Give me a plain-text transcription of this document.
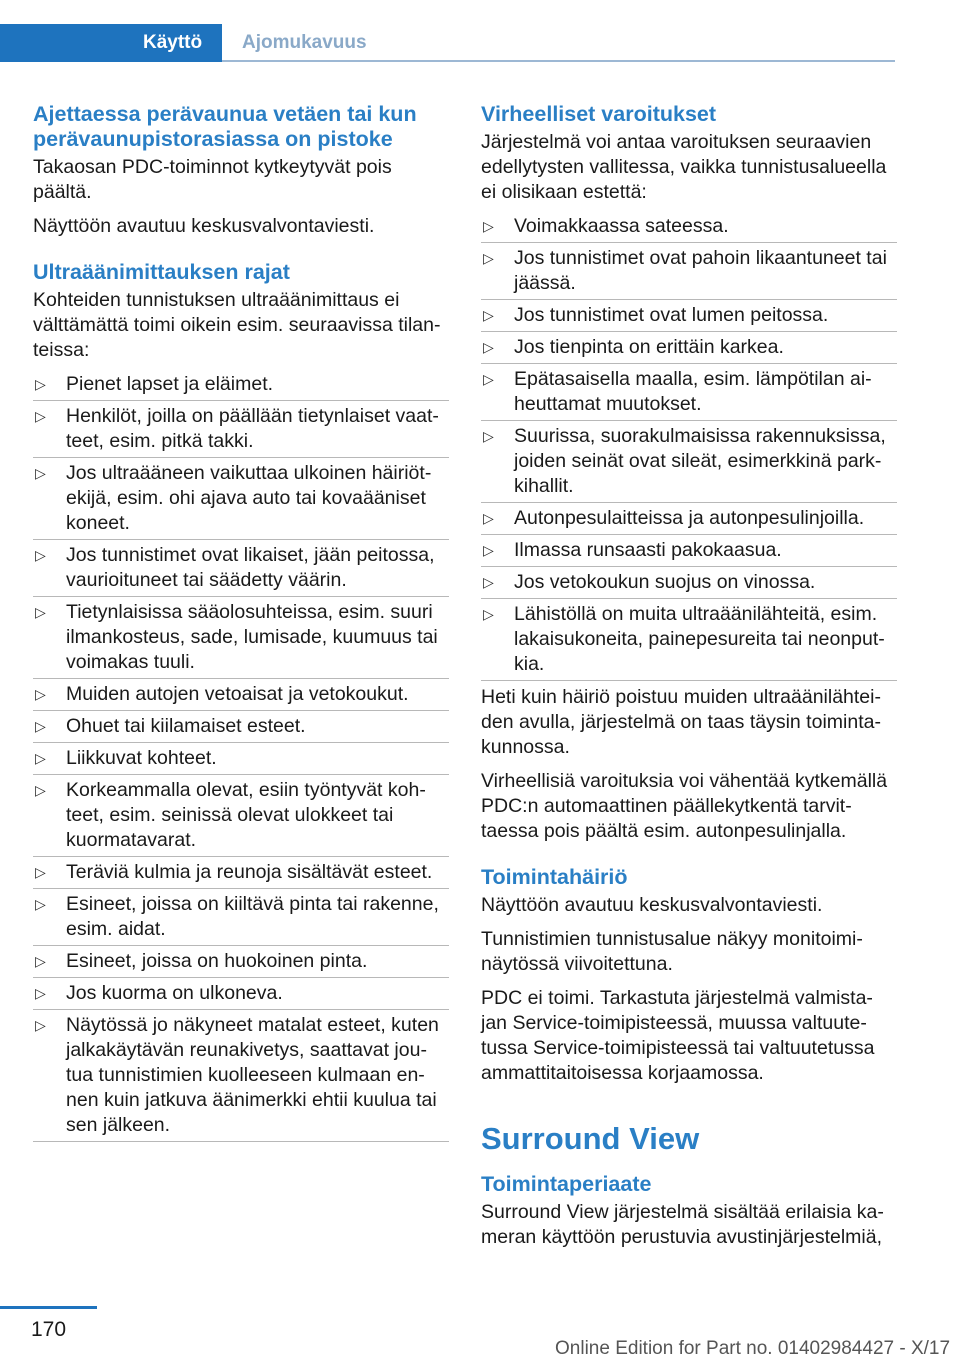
Käyttö	Ajomukavuus
Ajettaessa perävaunua vetäen tai kun perävaunupistorasiassa on pistoke

Takaosan PDC-toiminnot kytkeytyvät pois päältä.

Näyttöön avautuu keskusvalvontaviesti.

Ultraäänimittauksen rajat

Kohteiden tunnistuksen ultraäänimittaus ei välttämättä toimi oikein esim. seuraavissa tilan-teissa:

▷ Pienet lapset ja eläimet.
▷ Henkilöt, joilla on päällään tietynlaiset vaat-teet, esim. pitkä takki.
▷ Jos ultraääneen vaikuttaa ulkoinen häiriöt-ekijä, esim. ohi ajava auto tai kovaääniset koneet.
▷ Jos tunnistimet ovat likaiset, jään peitossa, vaurioituneet tai säädetty väärin.
▷ Tietynlaisissa sääolosuhteissa, esim. suuri ilmankosteus, sade, lumisade, kuumuus tai voimakas tuuli.
▷ Muiden autojen vetoaisat ja vetokoukut.
▷ Ohuet tai kiilamaiset esteet.
▷ Liikkuvat kohteet.
▷ Korkeammalla olevat, esiin työntyvät koh-teet, esim. seinissä olevat ulokkeet tai kuormatavarat.
▷ Teräviä kulmia ja reunoja sisältävät esteet.
▷ Esineet, joissa on kiiltävä pinta tai rakenne, esim. aidat.
▷ Esineet, joissa on huokoinen pinta.
▷ Jos kuorma on ulkoneva.
▷ Näytössä jo näkyneet matalat esteet, kuten jalkakäytävän reunakivetys, saattavat jou-tua tunnistimien kuolleeseen kulmaan en-nen kuin jatkuva äänimerkki ehtii kuulua tai sen jälkeen.
Virheelliset varoitukset

Järjestelmä voi antaa varoituksen seuraavien edellytysten vallitessa, vaikka tunnistusalueella ei olisikaan estettä:

▷ Voimakkaassa sateessa.
▷ Jos tunnistimet ovat pahoin likaantuneet tai jäässä.
▷ Jos tunnistimet ovat lumen peitossa.
▷ Jos tienpinta on erittäin karkea.
▷ Epätasaisella maalla, esim. lämpötilan ai-heuttamat muutokset.
▷ Suurissa, suorakulmaisissa rakennuksissa, joiden seinät ovat sileät, esimerkkinä park-kihallit.
▷ Autonpesulaitteissa ja autonpesulinjoilla.
▷ Ilmassa runsaasti pakokaasua.
▷ Jos vetokoukun suojus on vinossa.
▷ Lähistöllä on muita ultraäänilähteitä, esim. lakaisukoneita, painepesureita tai neonput-kia.

Heti kuin häiriö poistuu muiden ultraäänilähtei-den avulla, järjestelmä on taas täysin toiminta-kunnossa.

Virheellisiä varoituksia voi vähentää kytkemällä PDC:n automaattinen päällekytkentä tarvit-taessa pois päältä esim. autonpesulinjalla.

Toimintahäiriö

Näyttöön avautuu keskusvalvontaviesti.

Tunnistimien tunnistusalue näkyy monitoimi-näytössä viivoitettuna.

PDC ei toimi. Tarkastuta järjestelmä valmista-jan Service-toimipisteessä, muussa valtuute-tussa Service-toimipisteessä tai valtuutetussa ammattitaitoisessa korjaamossa.

Surround View
Toimintaperiaate

Surround View järjestelmä sisältää erilaisia ka-meran käyttöön perustuvia avustinjärjestelmiä,

170
Online Edition for Part no. 01402984427 - X/17
